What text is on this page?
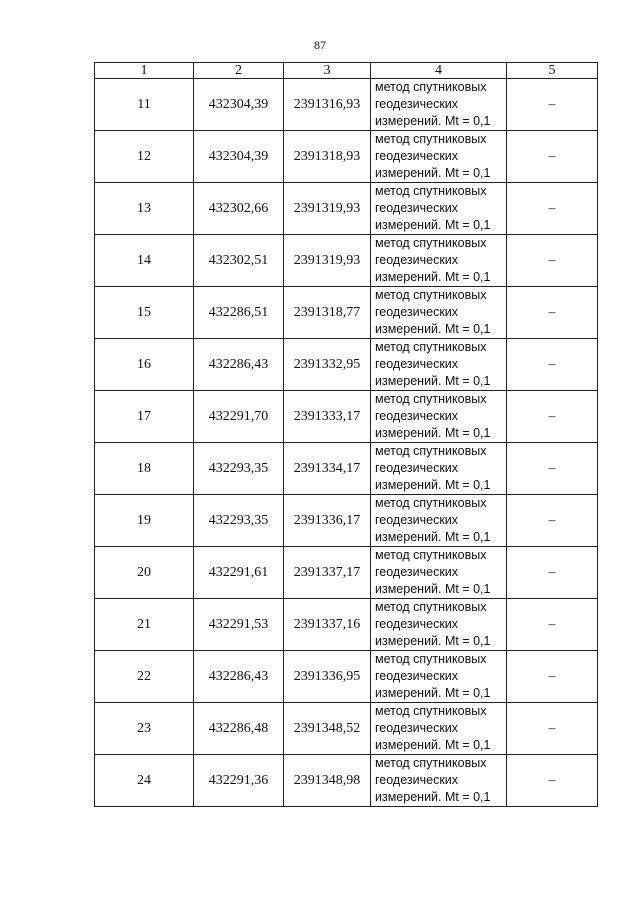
87
1	2	3	4	5
11	432304,39	2391316,93	метод спутниковых
геодезических
измерений. Mt = 0,1	–
12	432304,39	2391318,93	метод спутниковых
геодезических
измерений. Mt = 0,1	–
13	432302,66	2391319,93	метод спутниковых
геодезических
измерений. Mt = 0,1	–
14	432302,51	2391319,93	метод спутниковых
геодезических
измерений. Mt = 0,1	–
15	432286,51	2391318,77	метод спутниковых
геодезических
измерений. Mt = 0,1	–
16	432286,43	2391332,95	метод спутниковых
геодезических
измерений. Mt = 0,1	–
17	432291,70	2391333,17	метод спутниковых
геодезических
измерений. Mt = 0,1	–
18	432293,35	2391334,17	метод спутниковых
геодезических
измерений. Mt = 0,1	–
19	432293,35	2391336,17	метод спутниковых
геодезических
измерений. Mt = 0,1	–
20	432291,61	2391337,17	метод спутниковых
геодезических
измерений. Mt = 0,1	–
21	432291,53	2391337,16	метод спутниковых
геодезических
измерений. Mt = 0,1	–
22	432286,43	2391336,95	метод спутниковых
геодезических
измерений. Mt = 0,1	–
23	432286,48	2391348,52	метод спутниковых
геодезических
измерений. Mt = 0,1	–
24	432291,36	2391348,98	метод спутниковых
геодезических
измерений. Mt = 0,1	–
